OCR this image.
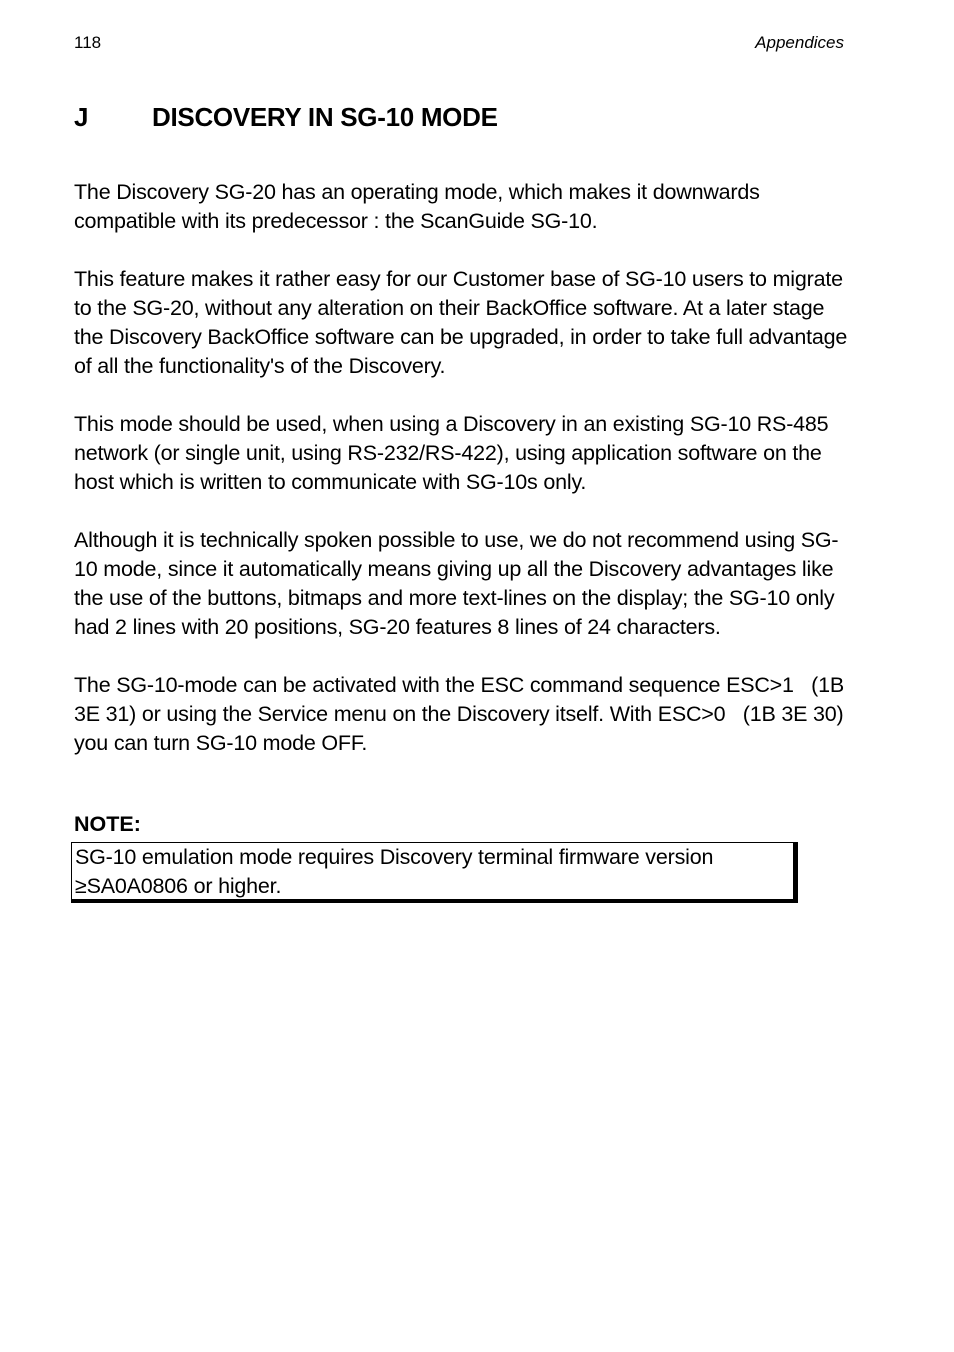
118	Appendices
J	DISCOVERY IN SG-10 MODE

The Discovery SG-20 has an operating mode, which makes it downwards compatible with its predecessor : the ScanGuide SG-10.

This feature makes it rather easy for our Customer base of SG-10 users to migrate to the SG-20, without any alteration on their BackOffice software. At a later stage the Discovery BackOffice software can be upgraded, in order to take full advantage of all the functionality's of the Discovery.

This mode should be used, when using a Discovery in an existing SG-10 RS-485 network (or single unit, using RS-232/RS-422), using application software on the host which is written to communicate with SG-10s only.

Although it is technically spoken possible to use, we do not recommend using SG-10 mode, since it automatically means giving up all the Discovery advantages like the use of the buttons, bitmaps and more text-lines on the display; the SG-10 only had 2 lines with 20 positions, SG-20 features 8 lines of 24 characters.

The SG-10-mode can be activated with the ESC command sequence ESC>1   (1B 3E 31) or using the Service menu on the Discovery itself. With ESC>0   (1B 3E 30) you can turn SG-10 mode OFF.

NOTE:

SG-10 emulation mode requires Discovery terminal firmware version ≥SA0A0806 or higher.
